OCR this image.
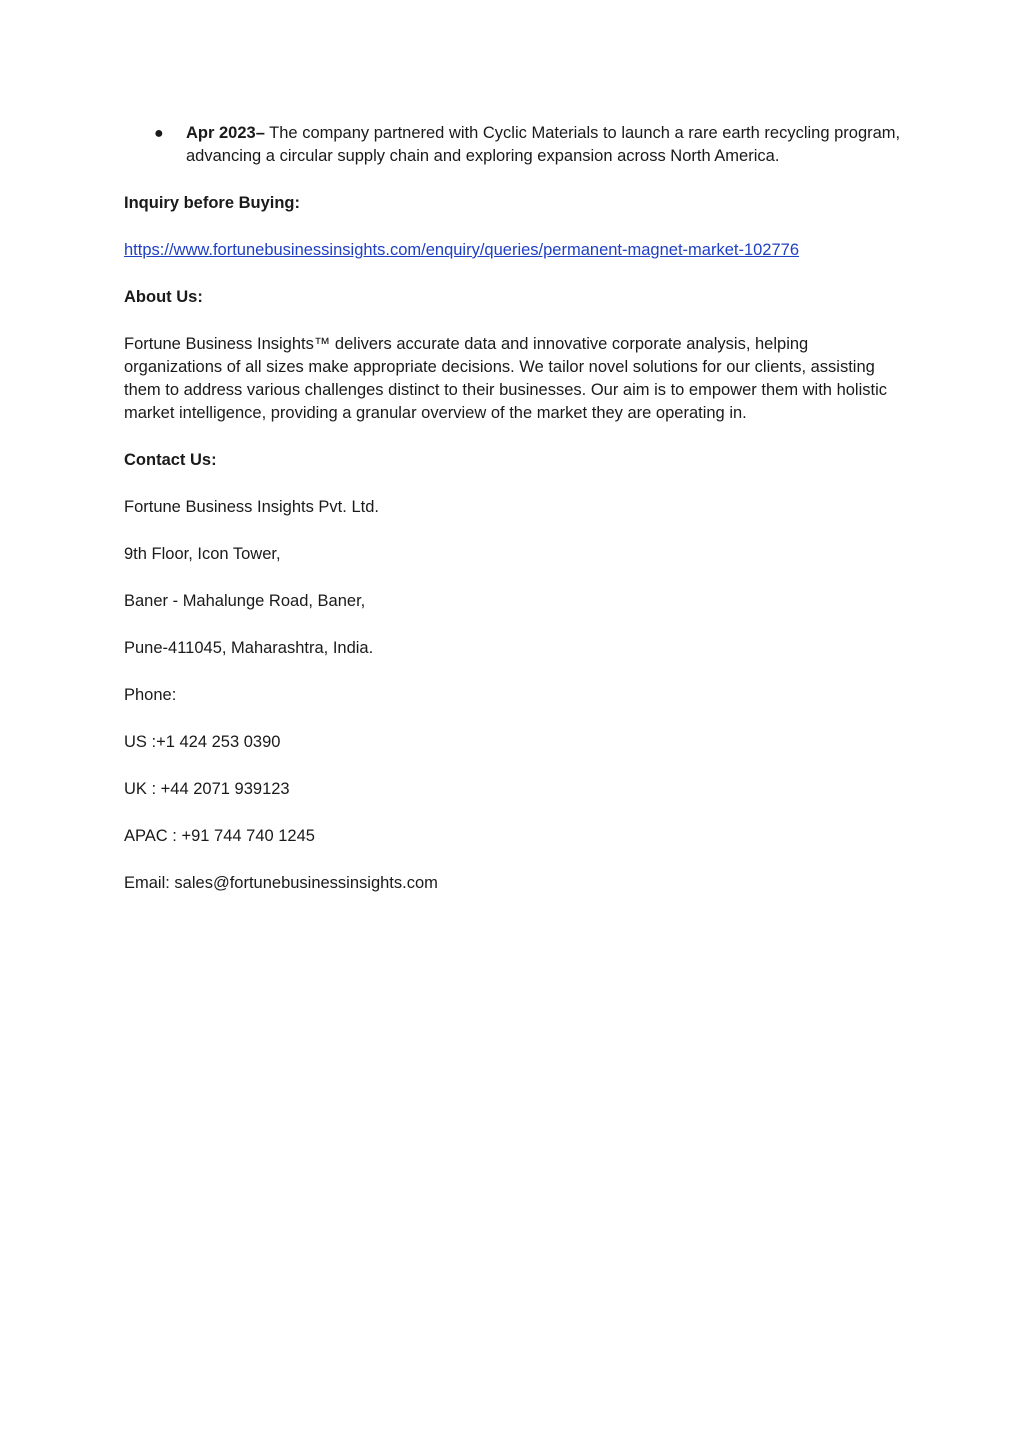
●	Apr 2023– The company partnered with Cyclic Materials to launch a rare earth recycling program, advancing a circular supply chain and exploring expansion across North America.
Inquiry before Buying:
https://www.fortunebusinessinsights.com/enquiry/queries/permanent-magnet-market-102776
About Us:
Fortune Business Insights™ delivers accurate data and innovative corporate analysis, helping organizations of all sizes make appropriate decisions. We tailor novel solutions for our clients, assisting them to address various challenges distinct to their businesses. Our aim is to empower them with holistic market intelligence, providing a granular overview of the market they are operating in.
Contact Us:
Fortune Business Insights Pvt. Ltd.
9th Floor, Icon Tower,
Baner - Mahalunge Road, Baner,
Pune-411045, Maharashtra, India.
Phone:
US :+1 424 253 0390
UK : +44 2071 939123
APAC : +91 744 740 1245
Email: sales@fortunebusinessinsights.com
